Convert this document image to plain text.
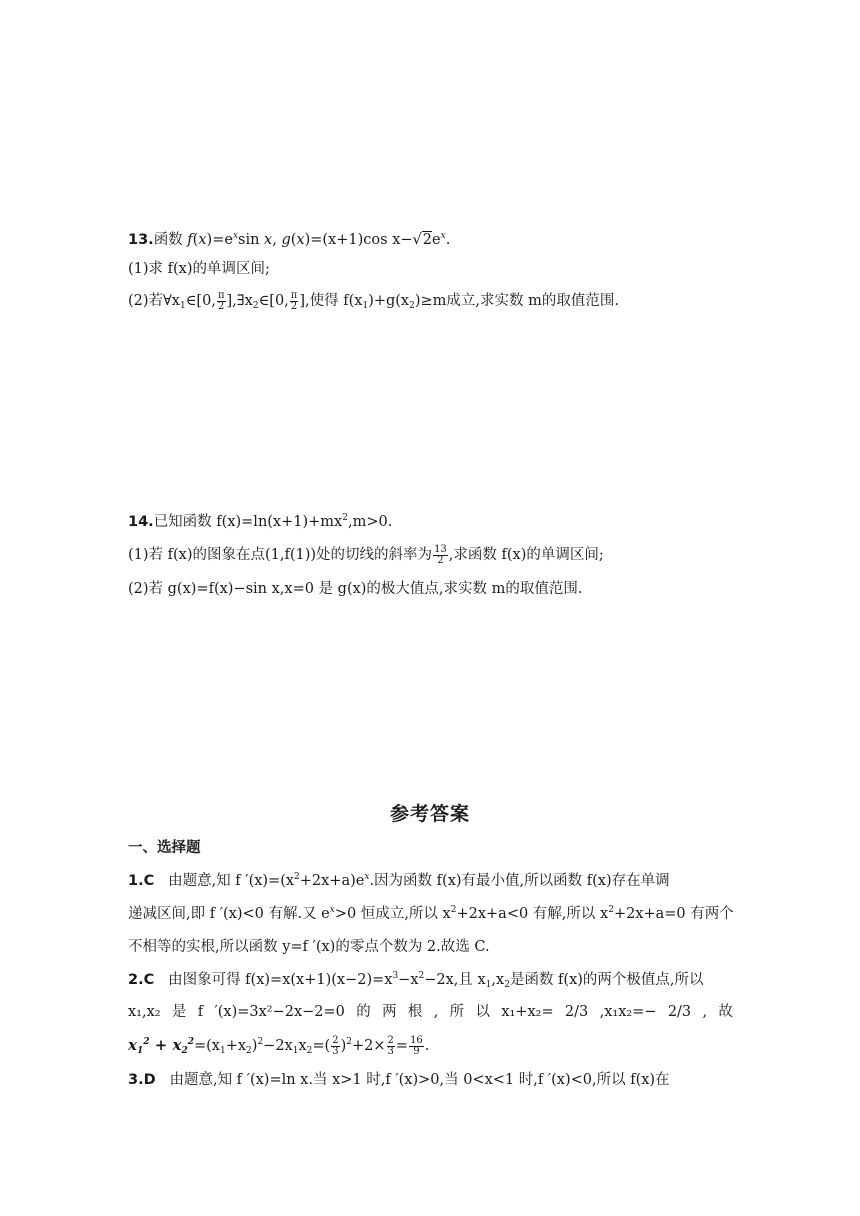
13.函数 $f(x)=e^x\sin$ x, g(x)=(x+1)cos $x-√2e^x$.
(1)求 f(x)的单调区间;
(2)若$\forall x_1\in[0$, $\frac{\pi}{2}$ ]$,\exists x_2\in[0$, $\frac{\pi}{2}$ ],使得 $f(x_1)+g(x_2)\ge m$成立,求实数 m的取值范围.
14.已知函数 $f(x)=\ln(x+1)+mx^2,m>0$.
(1)若 f(x)的图象在点(1,f(1))处的切线的斜率为 $\frac{13}{2}$ ,求函数 f(x)的单调区间;
(2)若 g(x)=f(x)−sin x,x=0 是 g(x)的极大值点,求实数 m的取值范围.
参考答案
一、选择题
1.C 由题意,知 f $'(x)=(x^2+2x+a)e^x$.因为函数 f(x)有最小值,所以函数 f(x)存在单调
递减区间,即 f ′(x)<0 有解.又 $e^x>0$ 恒成立,所以 $x^2+2x+a<0$ 有解,所以 $x^2+2x+a=0$ 有两个
不相等的实根,所以函数 y=f ′(x)的零点个数为 2.故选 C.
2.C 由图象可得 $f(x)=x(x+1)(x-2)=x^3-x^2-2x$,且 $x_1,x_2$是函数 f(x)的两个极值点,所以
x₁,x₂ 是 f ′(x)=3x²−2x−2=0 的 两 根 , 所 以 x₁+x₂= 2/3 ,x₁x₂=− 2/3 , 故
$x_1^2 + x_2^2=(x_1+x_2)^2-2x_1x_2=( \frac{2}{3} )^2+2\times \frac{2}{3} = \frac{16}{9}$ .
3.D 由题意,知 f ′(x)=ln x.当 x>1 时,f ′(x)>0,当 0<x<1 时,f ′(x)<0,所以 f(x)在
